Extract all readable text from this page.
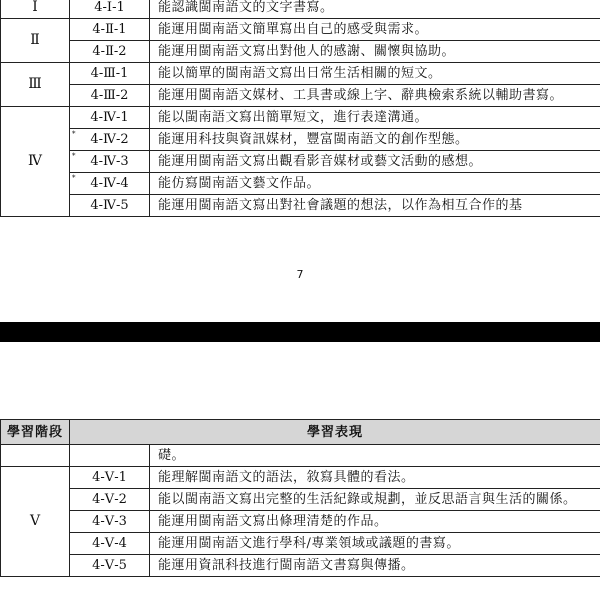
I	4-Ⅰ-1	能認識閩南語文的文字書寫。
Ⅱ	4-Ⅱ-1	能運用閩南語文簡單寫出自己的感受與需求。
	4-Ⅱ-2	能運用閩南語文寫出對他人的感謝、關懷與協助。
Ⅲ	4-Ⅲ-1	能以簡單的閩南語文寫出日常生活相關的短文。
	4-Ⅲ-2	能運用閩南語文媒材、工具書或線上字、辭典檢索系統以輔助書寫。
Ⅳ	4-Ⅳ-1	能以閩南語文寫出簡單短文，進行表達溝通。

	* 4-Ⅳ-2	能運用科技與資訊媒材，豐富閩南語文的創作型態。

	* 4-Ⅳ-3	能運用閩南語文寫出觀看影音媒材或藝文活動的感想。

	* 4-Ⅳ-4	能仿寫閩南語文藝文作品。
	4-Ⅳ-5	能運用閩南語文寫出對社會議題的想法，以作為相互合作的基
7
學習階段	學習表現	
		礎。
V	4-Ⅴ-1	能理解閩南語文的語法，敘寫具體的看法。
	4-Ⅴ-2	能以閩南語文寫出完整的生活紀錄或規劃，並反思語言與生活的關係。
	4-Ⅴ-3	能運用閩南語文寫出條理清楚的作品。
	4-Ⅴ-4	能運用閩南語文進行學科/專業領域或議題的書寫。
	4-Ⅴ-5	能運用資訊科技進行閩南語文書寫與傳播。
